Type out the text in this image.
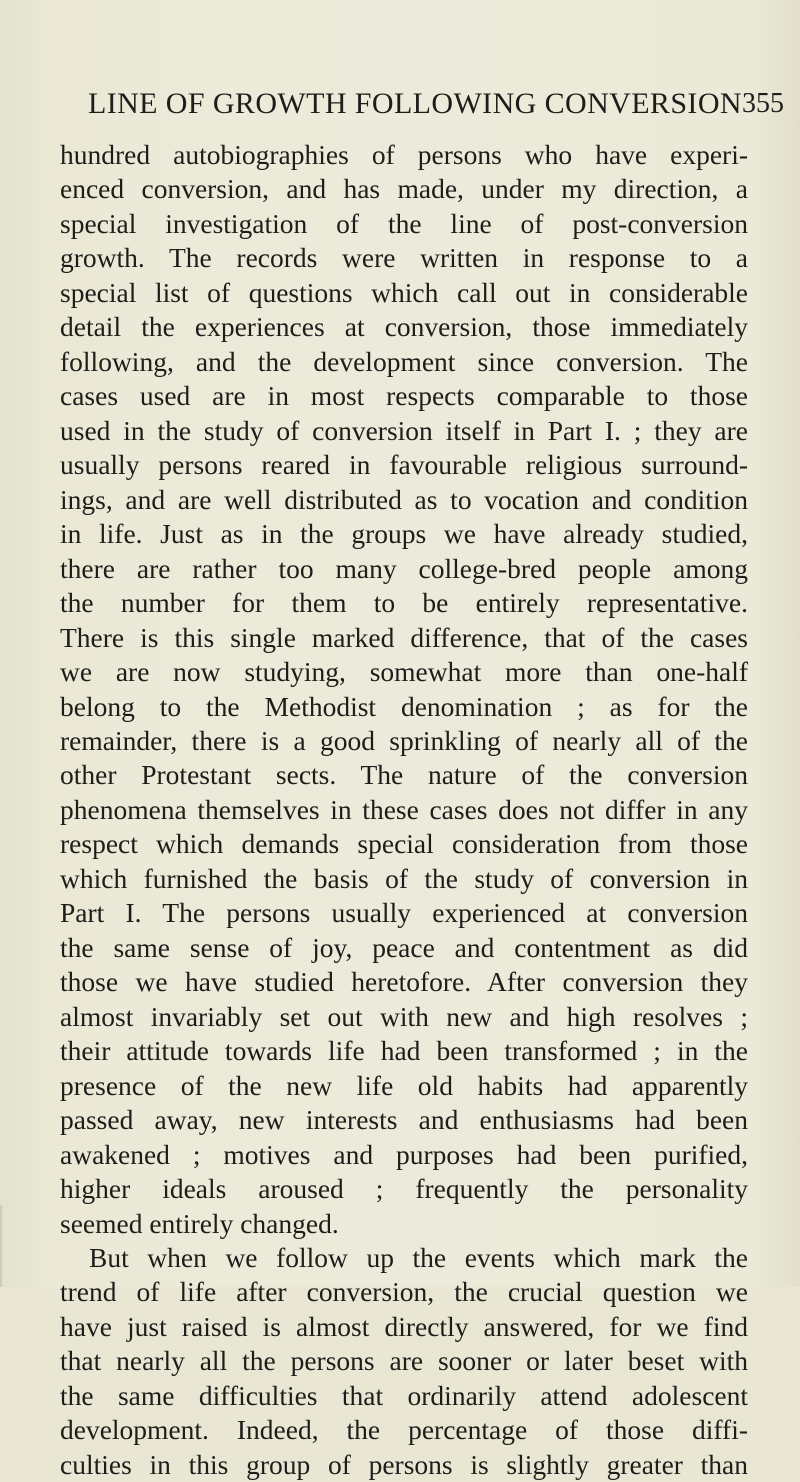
LINE OF GROWTH FOLLOWING CONVERSION 355
hundred autobiographies of persons who have experi-
enced conversion, and has made, under my direction, a
special investigation of the line of post-conversion
growth. The records were written in response to a
special list of questions which call out in considerable
detail the experiences at conversion, those immediately
following, and the development since conversion. The
cases used are in most respects comparable to those
used in the study of conversion itself in Part I. ; they are
usually persons reared in favourable religious surround-
ings, and are well distributed as to vocation and condition
in life. Just as in the groups we have already studied,
there are rather too many college-bred people among
the number for them to be entirely representative.
There is this single marked difference, that of the cases
we are now studying, somewhat more than one-half
belong to the Methodist denomination ; as for the
remainder, there is a good sprinkling of nearly all of the
other Protestant sects. The nature of the conversion
phenomena themselves in these cases does not differ in any
respect which demands special consideration from those
which furnished the basis of the study of conversion in
Part I. The persons usually experienced at conversion
the same sense of joy, peace and contentment as did
those we have studied heretofore. After conversion they
almost invariably set out with new and high resolves ;
their attitude towards life had been transformed ; in the
presence of the new life old habits had apparently
passed away, new interests and enthusiasms had been
awakened ; motives and purposes had been purified,
higher ideals aroused ; frequently the personality
seemed entirely changed.
But when we follow up the events which mark the
trend of life after conversion, the crucial question we
have just raised is almost directly answered, for we find
that nearly all the persons are sooner or later beset with
the same difficulties that ordinarily attend adolescent
development. Indeed, the percentage of those diffi-
culties in this group of persons is slightly greater than
